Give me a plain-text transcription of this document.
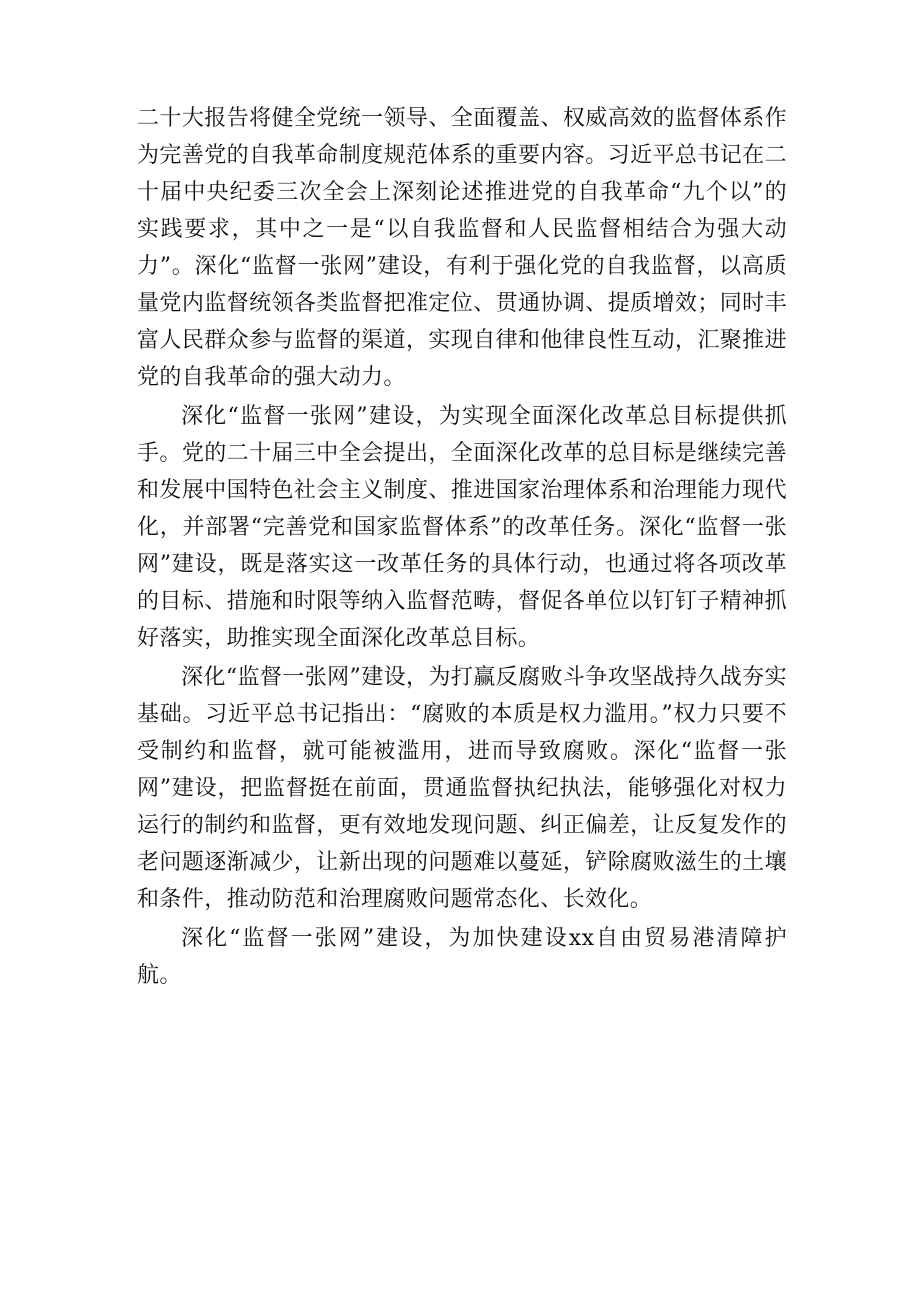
二十大报告将健全党统一领导、全面覆盖、权威高效的监督体系作为完善党的自我革命制度规范体系的重要内容。习近平总书记在二十届中央纪委三次全会上深刻论述推进党的自我革命“九个以”的实践要求，其中之一是“以自我监督和人民监督相结合为强大动力”。深化“监督一张网”建设，有利于强化党的自我监督，以高质量党内监督统领各类监督把准定位、贯通协调、提质增效；同时丰富人民群众参与监督的渠道，实现自律和他律良性互动，汇聚推进党的自我革命的强大动力。

深化“监督一张网”建设，为实现全面深化改革总目标提供抓手。党的二十届三中全会提出，全面深化改革的总目标是继续完善和发展中国特色社会主义制度、推进国家治理体系和治理能力现代化，并部署“完善党和国家监督体系”的改革任务。深化“监督一张网”建设，既是落实这一改革任务的具体行动，也通过将各项改革的目标、措施和时限等纳入监督范畴，督促各单位以钉钉子精神抓好落实，助推实现全面深化改革总目标。

深化“监督一张网”建设，为打赢反腐败斗争攻坚战持久战夯实基础。习近平总书记指出：“腐败的本质是权力滥用。”权力只要不受制约和监督，就可能被滥用，进而导致腐败。深化“监督一张网”建设，把监督挺在前面，贯通监督执纪执法，能够强化对权力运行的制约和监督，更有效地发现问题、纠正偏差，让反复发作的老问题逐渐减少，让新出现的问题难以蔓延，铲除腐败滋生的土壤和条件，推动防范和治理腐败问题常态化、长效化。

深化“监督一张网”建设，为加快建设xx自由贸易港清障护航。
